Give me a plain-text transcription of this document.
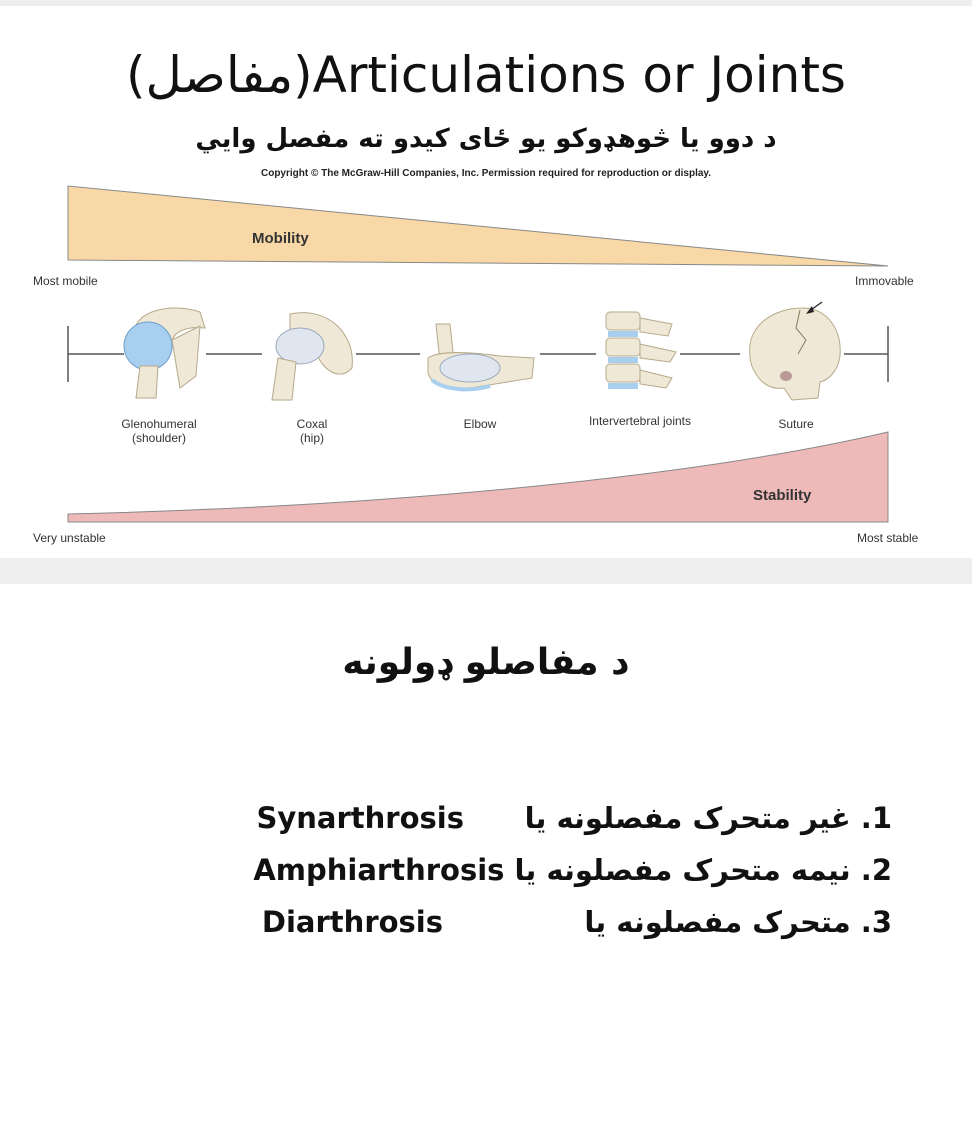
(مفاصل)Articulations or Joints
د دوو یا څوهډوکو یو ځای کیدو ته مفصل وایي
Copyright © The McGraw-Hill Companies, Inc. Permission required for reproduction or display.
Mobility
Stability
Most mobile	Immovable
Very unstable	Most stable
Glenohumeral
(shoulder)
Coxal
(hip)
Elbow	Intervertebral joints	Suture
د مفاصلو ډولونه
1. غیر متحرک مفصلونه یا      Synarthrosis
2. نیمه متحرک مفصلونه یا Amphiarthrosis
3. متحرک مفصلونه یا              Diarthrosis
